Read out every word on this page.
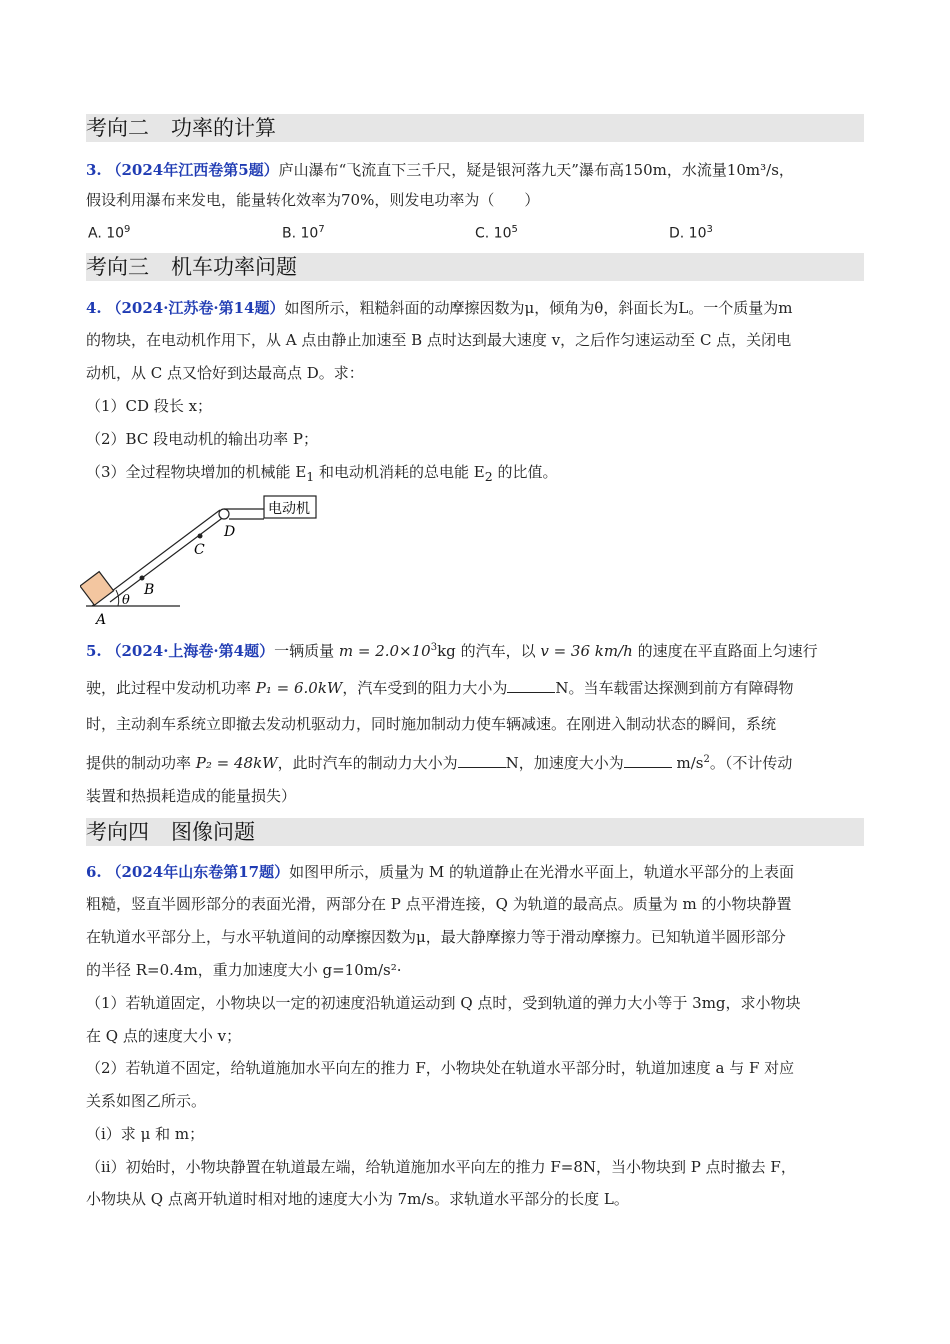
考向二 功率的计算
3. （2024年江西卷第5题）庐山瀑布“飞流直下三千尺，疑是银河落九天”瀑布高150m，水流量10m³/s，
假设利用瀑布来发电，能量转化效率为70%，则发电功率为（　　）
A. $10^9$	B. $10^7$	C. $10^5$	D. $10^3$
考向三 机车功率问题
4. （2024·江苏卷·第14题）如图所示，粗糙斜面的动摩擦因数为μ，倾角为θ，斜面长为L。一个质量为m
的物块，在电动机作用下，从 A 点由静止加速至 B 点时达到最大速度 v，之后作匀速运动至 C 点，关闭电
动机，从 C 点又恰好到达最高点 D。求：
（1）CD 段长 x；
（2）BC 段电动机的输出功率 P；
（3）全过程物块增加的机械能 $E_1$ 和电动机消耗的总电能 $E_2$ 的比值。
电动机
A
B
C
D
θ
5. （2024·上海卷·第4题）一辆质量 $m = 2.0\times 10^3kg$ 的汽车，以 v = 36 km/h 的速度在平直路面上匀速行
驶，此过程中发动机功率 P₁ = 6.0kW，汽车受到的阻力大小为	N。当车载雷达探测到前方有障碍物
时，主动刹车系统立即撤去发动机驱动力，同时施加制动力使车辆减速。在刚进入制动状态的瞬间，系统
提供的制动功率 P₂ = 48kW，此时汽车的制动力大小为	N，加速度大小为	$m/s^2$。（不计传动
装置和热损耗造成的能量损失）
考向四 图像问题
6. （2024年山东卷第17题）如图甲所示，质量为 M 的轨道静止在光滑水平面上，轨道水平部分的上表面
粗糙，竖直半圆形部分的表面光滑，两部分在 P 点平滑连接，Q 为轨道的最高点。质量为 m 的小物块静置
在轨道水平部分上，与水平轨道间的动摩擦因数为μ，最大静摩擦力等于滑动摩擦力。已知轨道半圆形部分
的半径 R=0.4m，重力加速度大小 g=10m/s²·
（1）若轨道固定，小物块以一定的初速度沿轨道运动到 Q 点时，受到轨道的弹力大小等于 3mg，求小物块
在 Q 点的速度大小 v；
（2）若轨道不固定，给轨道施加水平向左的推力 F，小物块处在轨道水平部分时，轨道加速度 a 与 F 对应
关系如图乙所示。
（i）求 μ 和 m；
（ii）初始时，小物块静置在轨道最左端，给轨道施加水平向左的推力 F=8N，当小物块到 P 点时撤去 F，
小物块从 Q 点离开轨道时相对地的速度大小为 7m/s。求轨道水平部分的长度 L。
